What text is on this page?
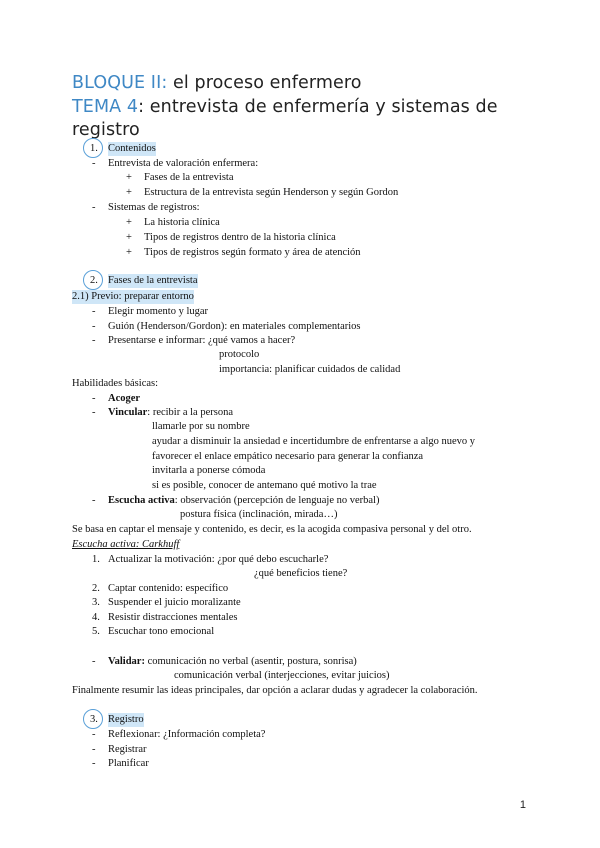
BLOQUE II: el proceso enfermero
TEMA 4: entrevista de enfermería y sistemas de
registro
1. Contenidos
- Entrevista de valoración enfermera:
+ Fases de la entrevista
+ Estructura de la entrevista según Henderson y según Gordon
- Sistemas de registros:
+ La historia clínica
+ Tipos de registros dentro de la historia clínica
+ Tipos de registros según formato y área de atención
2. Fases de la entrevista
2.1) Previo: preparar entorno
- Elegir momento y lugar
- Guión (Henderson/Gordon): en materiales complementarios
- Presentarse e informar: ¿qué vamos a hacer?
protocolo
importancia: planificar cuidados de calidad
Habilidades básicas:
- Acoger
- Vincular: recibir a la persona
llamarle por su nombre
ayudar a disminuir la ansiedad e incertidumbre de enfrentarse a algo nuevo y
favorecer el enlace empático necesario para generar la confianza
invitarla a ponerse cómoda
si es posible, conocer de antemano qué motivo la trae
- Escucha activa: observación (percepción de lenguaje no verbal)
postura física (inclinación, mirada…)
Se basa en captar el mensaje y contenido, es decir, es la acogida compasiva personal y del otro.
Escucha activa: Carkhuff
1. Actualizar la motivación: ¿por qué debo escucharle?
¿qué beneficios tiene?
2. Captar contenido: específico
3. Suspender el juicio moralizante
4. Resistir distracciones mentales
5. Escuchar tono emocional
- Validar: comunicación no verbal (asentir, postura, sonrisa)
comunicación verbal (interjecciones, evitar juicios)
Finalmente resumir las ideas principales, dar opción a aclarar dudas y agradecer la colaboración.
3. Registro
- Reflexionar: ¿Información completa?
- Registrar
- Planificar
1
